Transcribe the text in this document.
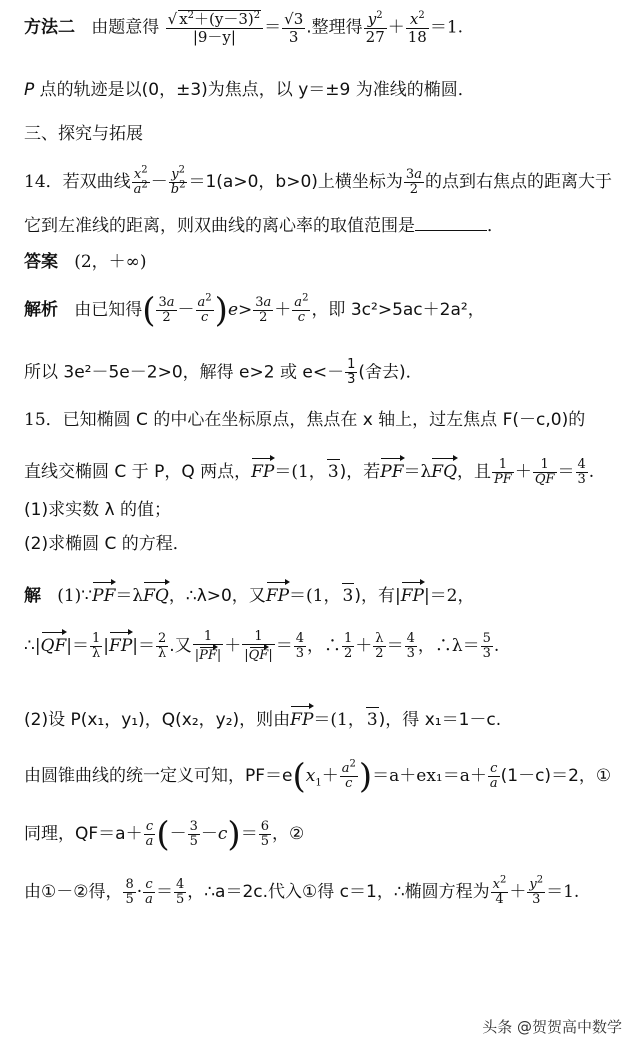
方法二 由题意得 $\frac{√ x^2+(y-3)^2}{|9-y|} = \frac{√3}{3}$ .整理得 $\frac{y^2}{27} + \frac{x^2}{18} =1$.
P 点的轨迹是以(0，±3)为焦点，以 y＝±9 为准线的椭圆．
三、探究与拓展
14．若双曲线 $\frac{x^2}{a^2} - \frac{y^2}{b^2} =1(a>0$，b>0)上横坐标为 $\frac{3a}{2}$ 的点到右焦点的距离大于
它到左准线的距离，则双曲线的离心率的取值范围是	．
答案 (2，＋∞)
解析 由已知得( $\frac{3a}{2} - \frac{a^2}{c} )e> \frac{3a}{2} + \frac{a^2}{c}$ ，即 3c²>5ac＋2a²，
所以 3e²－5e－2>0，解得 e>2 或 $e<- \frac{1}{3}$ (舍去)．
15．已知椭圆 C 的中心在坐标原点，焦点在 x 轴上，过左焦点 F(－c,0)的
直线交椭圆 C 于 P，Q 两点，FP＝(1， 3)，若PF＝λFQ，且 $\frac{1}{PF} + \frac{1}{QF} = \frac{4}{3}$ .
(1)求实数 λ 的值；
(2)求椭圆 C 的方程．
解 (1)∵PF＝λFQ，∴λ>0，又FP＝(1， 3)，有|FP|＝2，
∴|QF|＝ $\frac{1}{\lambda} |FP|= \frac{2}{\lambda}$ .又 $\frac{1}{|PF|} + \frac{1}{|QF|} = \frac{4}{3}$ ，∴ $\frac{1}{2} + \frac{\lambda}{2} = \frac{4}{3}$ ，∴λ＝ $\frac{5}{3}$ .
(2)设 P(x₁，y₁)，Q(x₂，y₂)，则由FP＝(1， 3)，得 x₁＝1－c.
由圆锥曲线的统一定义可知，$PF=e(x_1+ \frac{a^2}{c} )=a+ex_1=a+ \frac{c}{a} (1-c)=2$，①
同理，$QF=a+ \frac{c}{a}$ (－ $\frac{3}{5} -c)= \frac{6}{5}$ ，②
由①－②得， $\frac{8}{5} \cdot \frac{c}{a} = \frac{4}{5}$ ，∴a＝2c.代入①得 c＝1，∴椭圆方程为 $\frac{x^2}{4} + \frac{y^2}{3} =1$.
头条 @贺贺高中数学
